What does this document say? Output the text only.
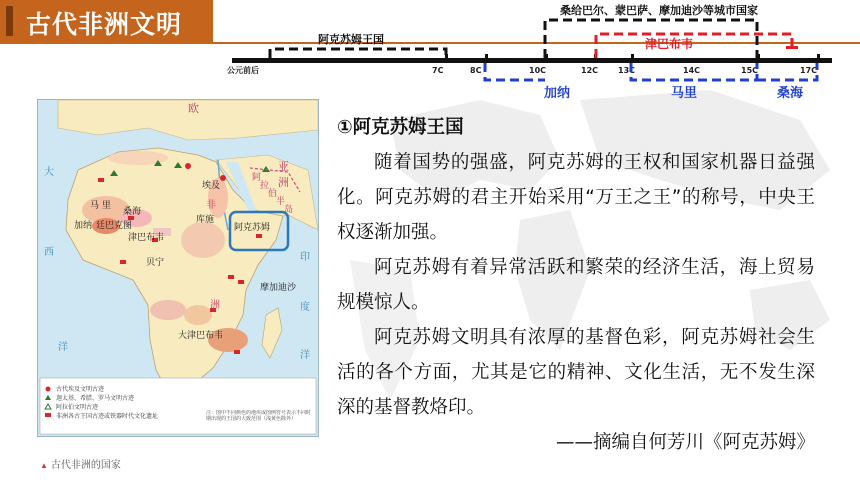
古代非洲文明
公元前后	7C	8C	10C	12C 13C	14C	15C	17C
阿克苏姆王国
桑给巴尔、蒙巴萨、摩加迪沙等城市国家
津巴布韦
加纳	马里	桑海
欧
亚
洲
阿
拉
伯
半
岛
大
西
洋
印
度
洋
非
洲
马 里
桑海
加纳 廷巴克图
埃及
库施
阿克苏姆
贝宁
摩加迪沙
津巴布韦
大津巴布韦
古代埃及文明古迹
迦太基、希腊、罗马文明古迹
阿拉伯文明古迹
非洲各古王国古迹或铁器时代文化遗址	注：图中不同颜色的地块或图例符号表示不同时期出现的王国的大致范围（浅黄色除外）
▲ 古代非洲的国家
①阿克苏姆王国

随着国势的强盛，阿克苏姆的王权和国家机器日益强化。阿克苏姆的君主开始采用“万王之王”的称号，中央王权逐渐加强。

阿克苏姆有着异常活跃和繁荣的经济生活，海上贸易规模惊人。

阿克苏姆文明具有浓厚的基督色彩，阿克苏姆社会生活的各个方面，尤其是它的精神、文化生活，无不发生深深的基督教烙印。

——摘编自何芳川《阿克苏姆》
